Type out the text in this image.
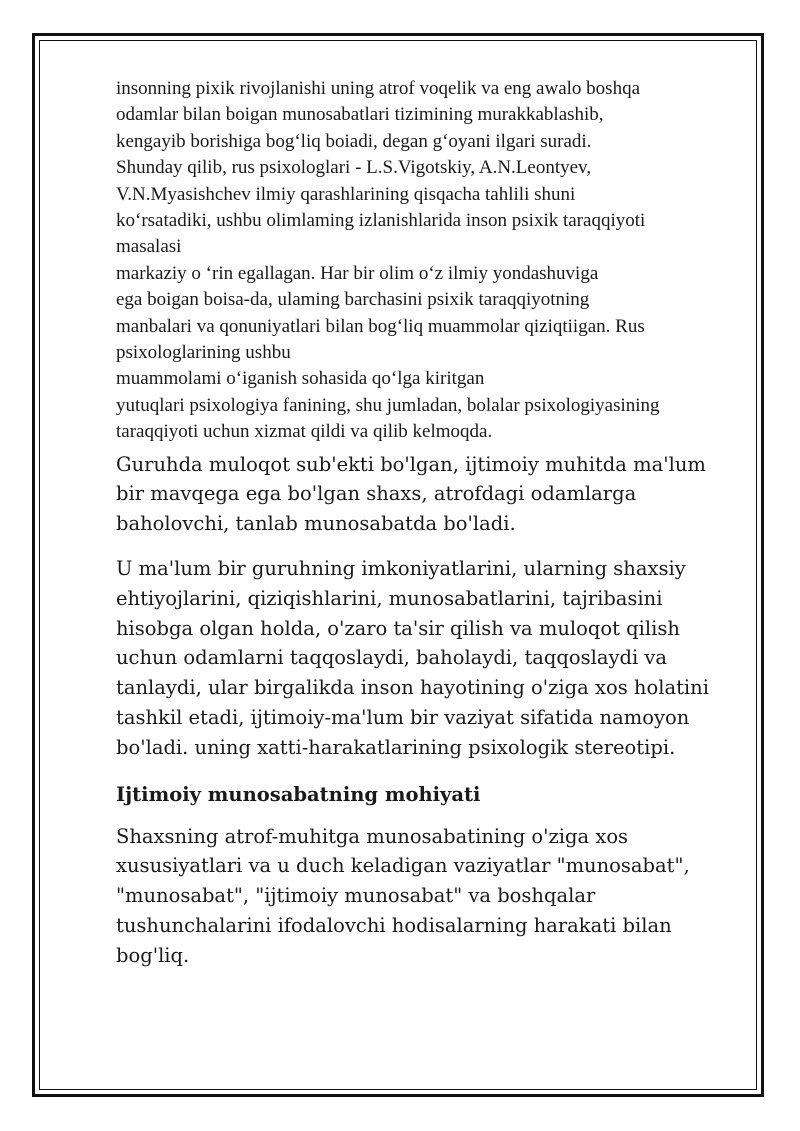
insonning pixik rivojlanishi uning atrof voqelik va eng awalo boshqa
odamlar bilan boigan munosabatlari tizimining murakkablashib,
kengayib borishiga bog‘liq boiadi, degan g‘oyani ilgari suradi.
Shunday qilib, rus psixologlari - L.S.Vigotskiy, A.N.Leontyev,
V.N.Myasishchev ilmiy qarashlarining qisqacha tahlili shuni
ko‘rsatadiki, ushbu olimlaming izlanishlarida inson psixik taraqqiyoti
masalasi
markaziy o ‘rin egallagan. Har bir olim o‘z ilmiy yondashuviga
ega boigan boisa-da, ulaming barchasini psixik taraqqiyotning
manbalari va qonuniyatlari bilan bog‘liq muammolar qiziqtiigan. Rus
psixologlarining ushbu
muammolami o‘iganish sohasida qo‘lga kiritgan
yutuqlari psixologiya fanining, shu jumladan, bolalar psixologiyasining
taraqqiyoti uchun xizmat qildi va qilib kelmoqda.

Guruhda muloqot sub'ekti bo'lgan, ijtimoiy muhitda ma'lum
bir mavqega ega bo'lgan shaxs, atrofdagi odamlarga
baholovchi, tanlab munosabatda bo'ladi.

U ma'lum bir guruhning imkoniyatlarini, ularning shaxsiy
ehtiyojlarini, qiziqishlarini, munosabatlarini, tajribasini
hisobga olgan holda, o'zaro ta'sir qilish va muloqot qilish
uchun odamlarni taqqoslaydi, baholaydi, taqqoslaydi va
tanlaydi, ular birgalikda inson hayotining o'ziga xos holatini
tashkil etadi, ijtimoiy-ma'lum bir vaziyat sifatida namoyon
bo'ladi. uning xatti-harakatlarining psixologik stereotipi.

Ijtimoiy munosabatning mohiyati

Shaxsning atrof-muhitga munosabatining o'ziga xos
xususiyatlari va u duch keladigan vaziyatlar "munosabat",
"munosabat", "ijtimoiy munosabat" va boshqalar
tushunchalarini ifodalovchi hodisalarning harakati bilan
bog'liq.
